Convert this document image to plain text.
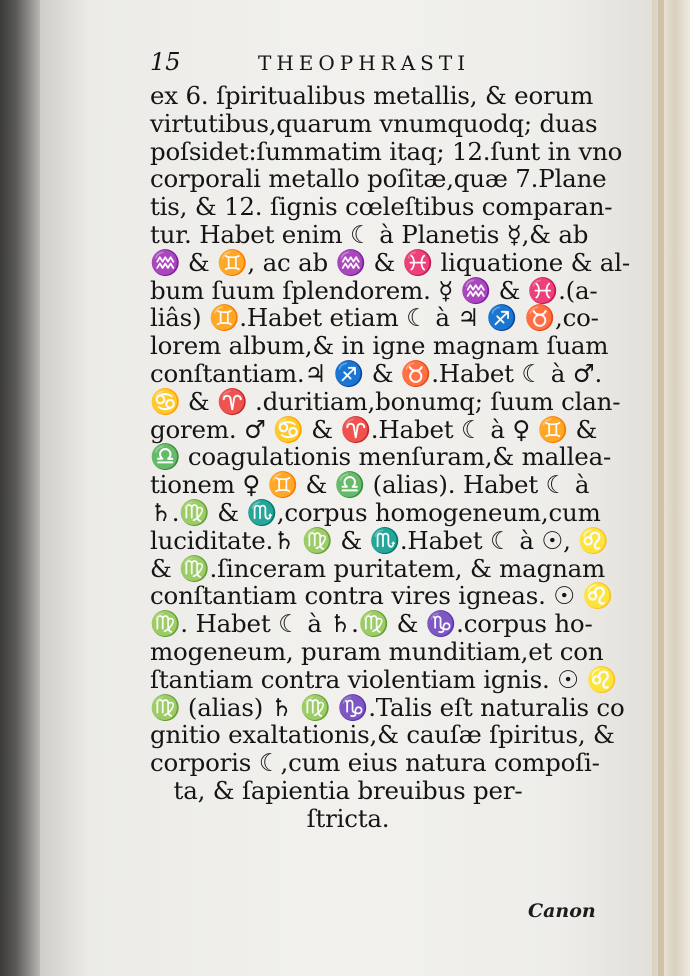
15	THEOPHRASTI
ex 6. ſpiritualibus metallis, & eorum
virtutibus,quarum vnumquodq; duas
poſsidet:ſummatim itaq; 12.ſunt in vno
corporali metallo poſitæ,quæ 7.Plane
tis, & 12. ſignis cœleſtibus comparan-
tur. Habet enim ☾ à Planetis ☿,& ab
♒ & ♊, ac ab ♒ & ♓ liquatione & al-
bum ſuum ſplendorem. ☿ ♒ & ♓.(a-
liâs) ♊.Habet etiam ☾ à ♃ ♐ ♉,co-
lorem album,& in igne magnam ſuam
conſtantiam.♃ ♐ & ♉.Habet ☾ à ♂.
♋ & ♈ .duritiam,bonumq; ſuum clan-
gorem. ♂ ♋ & ♈.Habet ☾ à ♀ ♊ &
♎ coagulationis menſuram,& mallea-
tionem ♀ ♊ & ♎ (alias). Habet ☾ à
♄.♍ & ♏,corpus homogeneum,cum
luciditate.♄ ♍ & ♏.Habet ☾ à ☉, ♌
& ♍.ſinceram puritatem, & magnam
conſtantiam contra vires igneas. ☉ ♌
♍. Habet ☾ à ♄.♍ & ♑.corpus ho-
mogeneum, puram munditiam,et con
ſtantiam contra violentiam ignis. ☉ ♌
♍ (alias) ♄ ♍ ♑.Talis eſt naturalis co
gnitio exaltationis,& cauſæ ſpiritus, &
corporis ☾,cum eius natura compoſi-
ta, & ſapientia breuibus per-
ſtricta.
Canon
